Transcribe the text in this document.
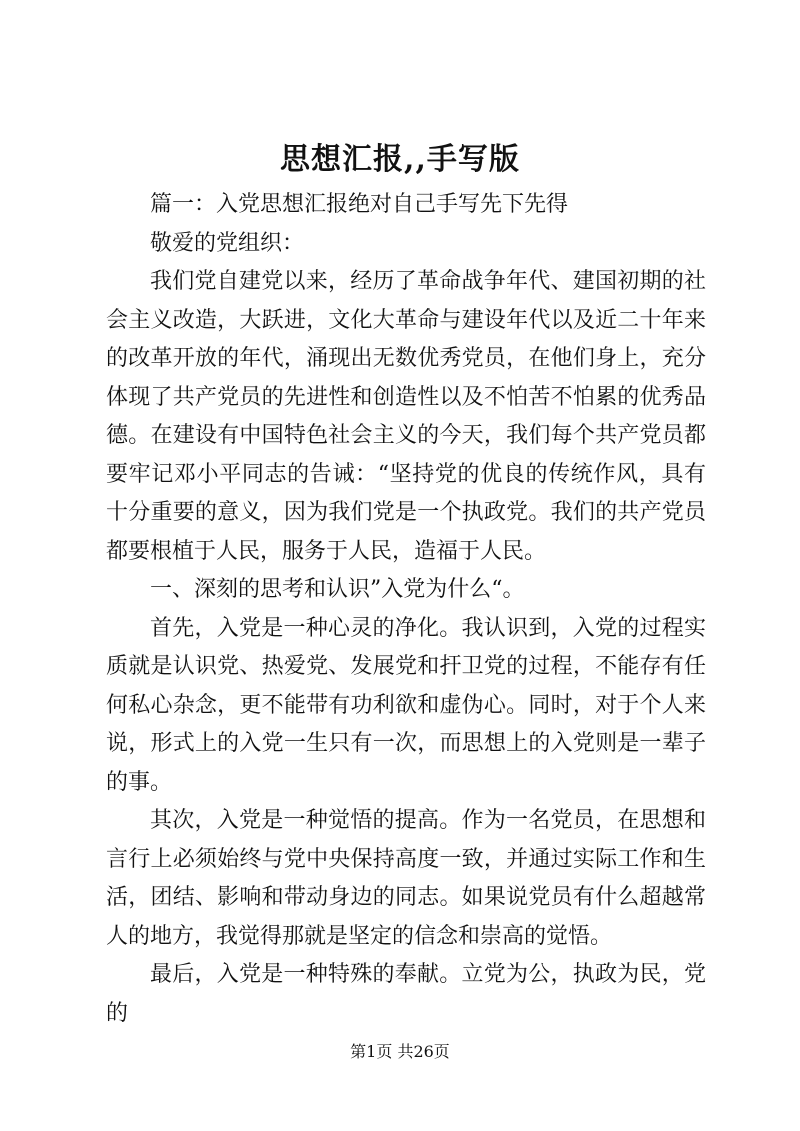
思想汇报,,手写版

篇一：入党思想汇报绝对自己手写先下先得

敬爱的党组织：

我们党自建党以来，经历了革命战争年代、建国初期的社会主义改造，大跃进，文化大革命与建设年代以及近二十年来的改革开放的年代，涌现出无数优秀党员，在他们身上，充分体现了共产党员的先进性和创造性以及不怕苦不怕累的优秀品德。在建设有中国特色社会主义的今天，我们每个共产党员都要牢记邓小平同志的告诫：“坚持党的优良的传统作风，具有十分重要的意义，因为我们党是一个执政党。我们的共产党员都要根植于人民，服务于人民，造福于人民。

一、深刻的思考和认识”入党为什么“。

首先，入党是一种心灵的净化。我认识到，入党的过程实质就是认识党、热爱党、发展党和扞卫党的过程，不能存有任何私心杂念，更不能带有功利欲和虚伪心。同时，对于个人来说，形式上的入党一生只有一次，而思想上的入党则是一辈子的事。

其次，入党是一种觉悟的提高。作为一名党员，在思想和言行上必须始终与党中央保持高度一致，并通过实际工作和生活，团结、影响和带动身边的同志。如果说党员有什么超越常人的地方，我觉得那就是坚定的信念和崇高的觉悟。

最后，入党是一种特殊的奉献。立党为公，执政为民，党的

第1页 共26页
